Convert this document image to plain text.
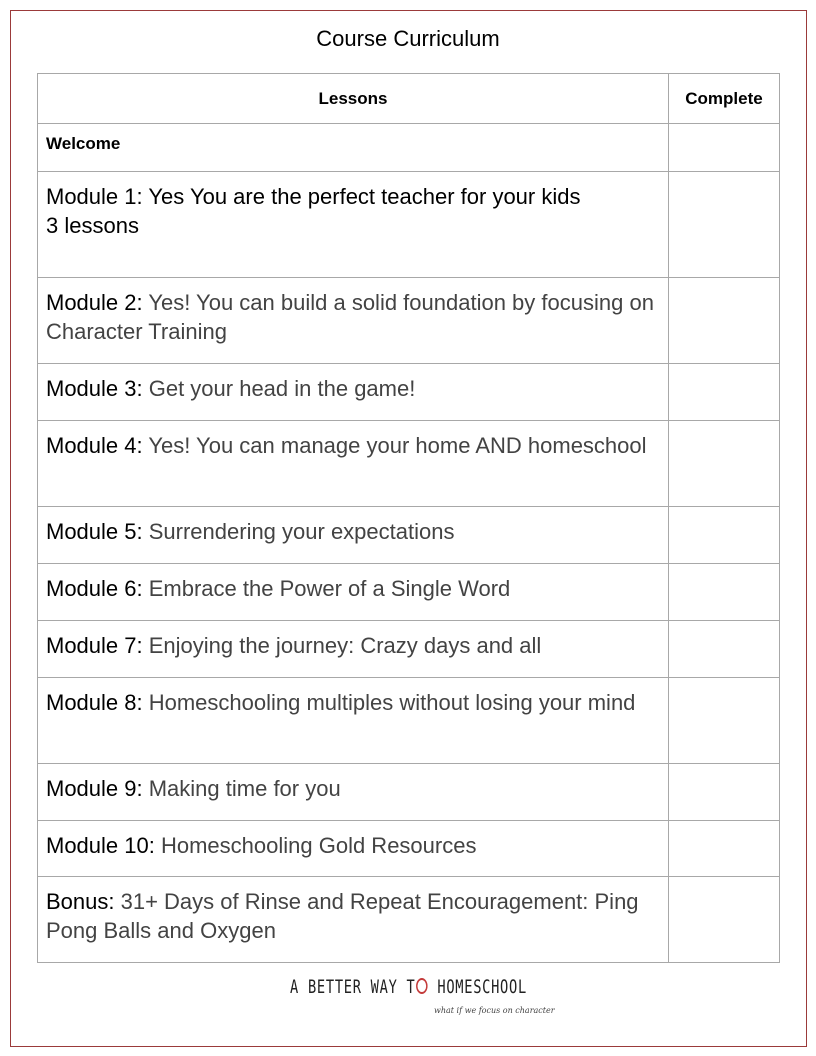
Course Curriculum
Lessons	Complete
Welcome	
Module 1: Yes You are the perfect teacher for your kids
3 lessons	
Module 2: Yes! You can build a solid foundation by focusing on Character Training	
Module 3: Get your head in the game!	
Module 4: Yes! You can manage your home AND homeschool	
Module 5: Surrendering your expectations	
Module 6: Embrace the Power of a Single Word	
Module 7: Enjoying the journey: Crazy days and all	
Module 8: Homeschooling multiples without losing your mind	
Module 9: Making time for you	
Module 10: Homeschooling Gold Resources	
Bonus: 31+ Days of Rinse and Repeat Encouragement: Ping Pong Balls and Oxygen	
A BETTER WAY T HOMESCHOOL
what if we focus on character
